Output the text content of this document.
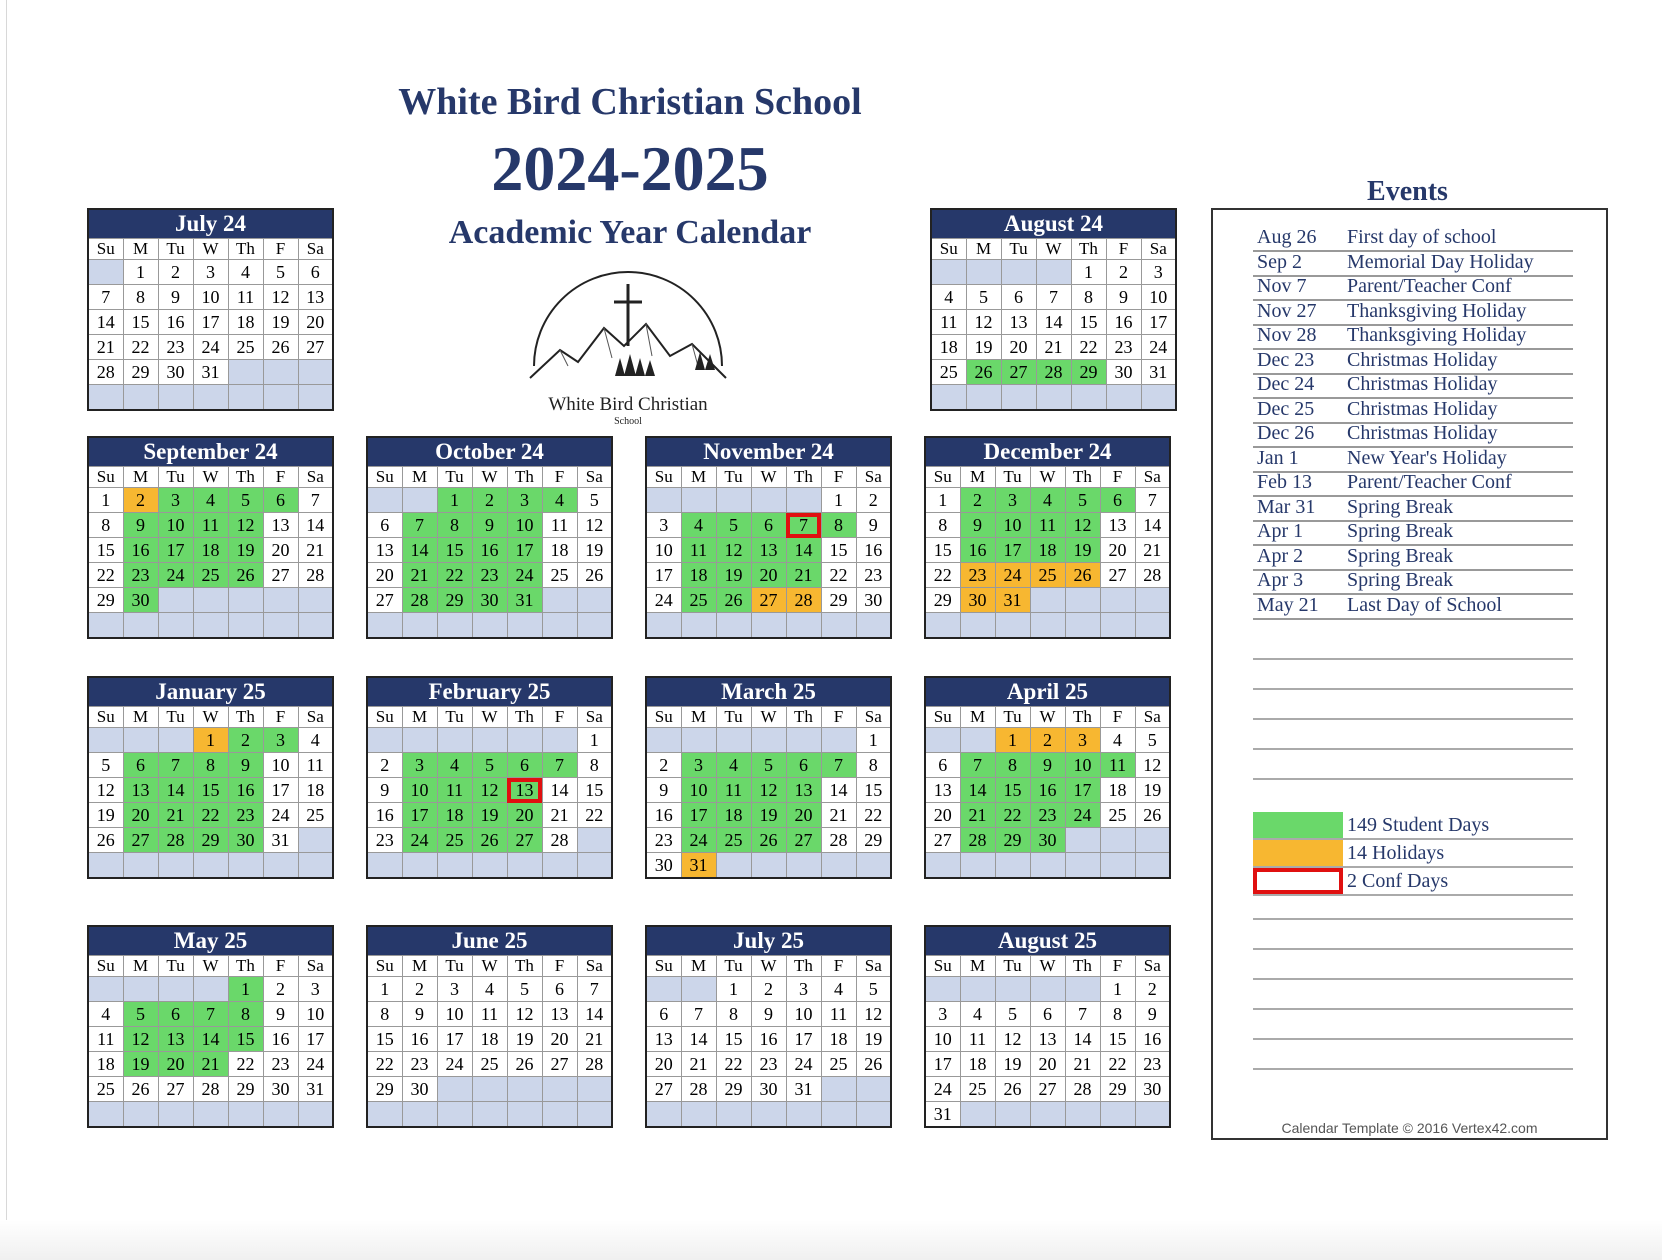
White Bird Christian School
2024-2025
Academic Year Calendar
White Bird Christian
School
July 24						
Su	M	Tu	W	Th	F	Sa
	1	2	3	4	5	6
7	8	9	10	11	12	13
14	15	16	17	18	19	20
21	22	23	24	25	26	27
28	29	30	31			

August 24						
Su	M	Tu	W	Th	F	Sa
				1	2	3
4	5	6	7	8	9	10
11	12	13	14	15	16	17
18	19	20	21	22	23	24
25	26	27	28	29	30	31

September 24						
Su	M	Tu	W	Th	F	Sa
1	2	3	4	5	6	7
8	9	10	11	12	13	14
15	16	17	18	19	20	21
22	23	24	25	26	27	28
29	30					

October 24						
Su	M	Tu	W	Th	F	Sa
		1	2	3	4	5
6	7	8	9	10	11	12
13	14	15	16	17	18	19
20	21	22	23	24	25	26
27	28	29	30	31		

November 24						
Su	M	Tu	W	Th	F	Sa
					1	2
3	4	5	6	7	8	9
10	11	12	13	14	15	16
17	18	19	20	21	22	23
24	25	26	27	28	29	30

December 24						
Su	M	Tu	W	Th	F	Sa
1	2	3	4	5	6	7
8	9	10	11	12	13	14
15	16	17	18	19	20	21
22	23	24	25	26	27	28
29	30	31				

January 25						
Su	M	Tu	W	Th	F	Sa
			1	2	3	4
5	6	7	8	9	10	11
12	13	14	15	16	17	18
19	20	21	22	23	24	25
26	27	28	29	30	31	

February 25						
Su	M	Tu	W	Th	F	Sa
						1
2	3	4	5	6	7	8
9	10	11	12	13	14	15
16	17	18	19	20	21	22
23	24	25	26	27	28	

March 25						
Su	M	Tu	W	Th	F	Sa
						1
2	3	4	5	6	7	8
9	10	11	12	13	14	15
16	17	18	19	20	21	22
23	24	25	26	27	28	29
30	31					
April 25						
Su	M	Tu	W	Th	F	Sa
		1	2	3	4	5
6	7	8	9	10	11	12
13	14	15	16	17	18	19
20	21	22	23	24	25	26
27	28	29	30			

May 25						
Su	M	Tu	W	Th	F	Sa
				1	2	3
4	5	6	7	8	9	10
11	12	13	14	15	16	17
18	19	20	21	22	23	24
25	26	27	28	29	30	31

June 25						
Su	M	Tu	W	Th	F	Sa
1	2	3	4	5	6	7
8	9	10	11	12	13	14
15	16	17	18	19	20	21
22	23	24	25	26	27	28
29	30					

July 25						
Su	M	Tu	W	Th	F	Sa
		1	2	3	4	5
6	7	8	9	10	11	12
13	14	15	16	17	18	19
20	21	22	23	24	25	26
27	28	29	30	31		

August 25						
Su	M	Tu	W	Th	F	Sa
					1	2
3	4	5	6	7	8	9
10	11	12	13	14	15	16
17	18	19	20	21	22	23
24	25	26	27	28	29	30
31						
Events
Aug 26 First day of school
Sep 2 Memorial Day Holiday
Nov 7 Parent/Teacher Conf
Nov 27 Thanksgiving Holiday
Nov 28 Thanksgiving Holiday
Dec 23 Christmas Holiday
Dec 24 Christmas Holiday
Dec 25 Christmas Holiday
Dec 26 Christmas Holiday
Jan 1 New Year's Holiday
Feb 13 Parent/Teacher Conf
Mar 31 Spring Break
Apr 1 Spring Break
Apr 2 Spring Break
Apr 3 Spring Break
May 21 Last Day of School
149 Student Days
14 Holidays
2 Conf Days
Calendar Template © 2016 Vertex42.com
